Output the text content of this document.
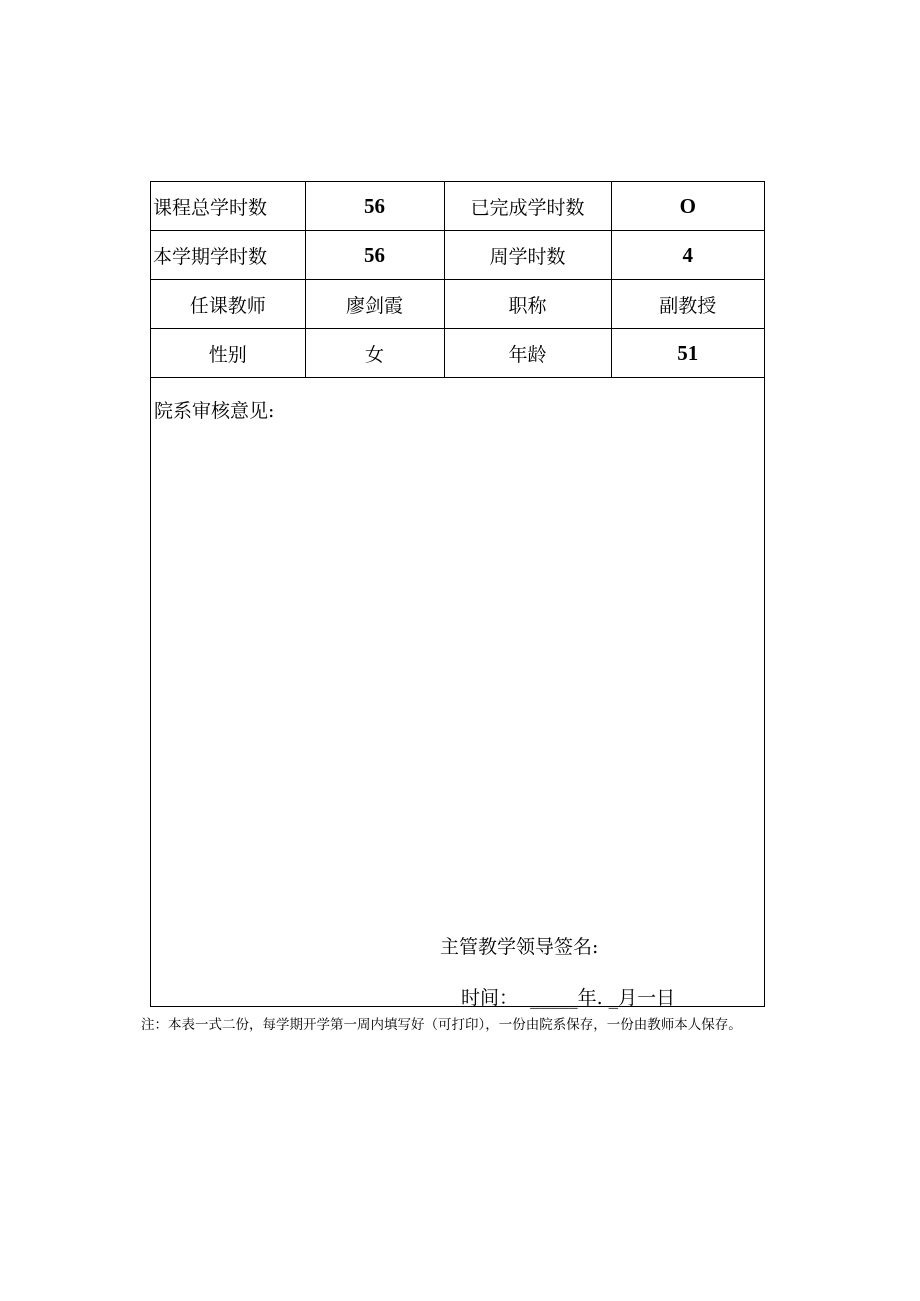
课程总学时数	56	已完成学时数	O
本学期学时数	56	周学时数	4
任课教师	廖剑霞	职称	副教授
性别	女	年龄	51
院系审核意见:
主管教学领导签名:
时间：  _____年. _月一日
注：本表一式二份，每学期开学第一周内填写好（可打印），一份由院系保存，一份由教师本人保存。
